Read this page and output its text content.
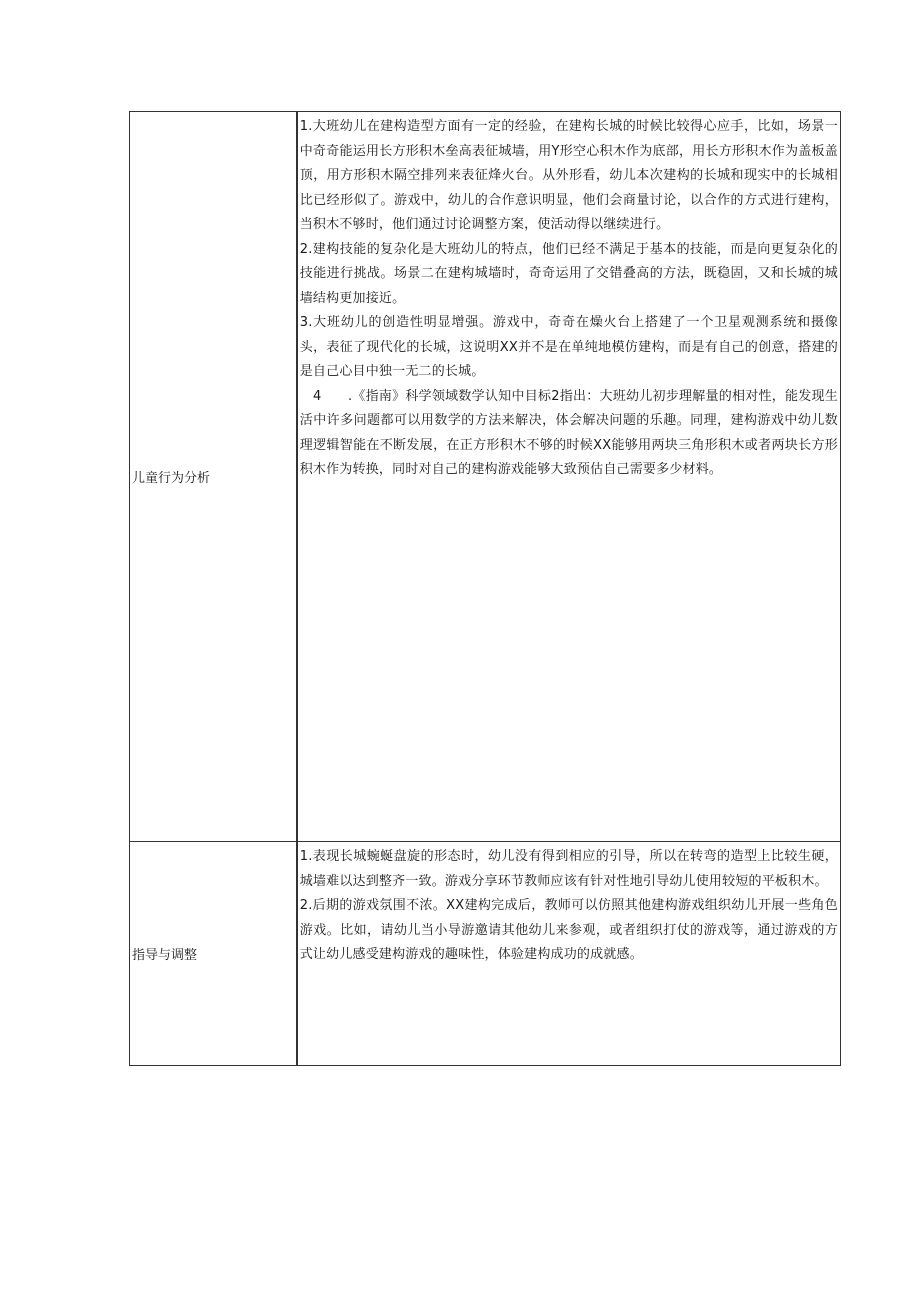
儿童行为分析	1.大班幼儿在建构造型方面有一定的经验，在建构长城的时候比较得心应手，比如，场景一中奇奇能运用长方形积木垒高表征城墙，用Y形空心积木作为底部，用长方形积木作为盖板盖顶，用方形积木隔空排列来表征烽火台。从外形看，幼儿本次建构的长城和现实中的长城相比已经形似了。游戏中，幼儿的合作意识明显，他们会商量讨论，以合作的方式进行建构，当积木不够时，他们通过讨论调整方案，使活动得以继续进行。

2.建构技能的复杂化是大班幼儿的特点，他们已经不满足于基本的技能，而是向更复杂化的技能进行挑战。场景二在建构城墙时，奇奇运用了交错叠高的方法，既稳固，又和长城的城墙结构更加接近。

3.大班幼儿的创造性明显增强。游戏中，奇奇在燥火台上搭建了一个卫星观测系统和摄像头，表征了现代化的长城，这说明XX并不是在单纯地模仿建构，而是有自己的创意，搭建的是自己心目中独一无二的长城。

　4　　.《指南》科学领域数学认知中目标2指出：大班幼儿初步理解量的相对性，能发现生活中许多问题都可以用数学的方法来解决，体会解决问题的乐趣。同理，建构游戏中幼儿数理逻辑智能在不断发展，在正方形积木不够的时候XX能够用两块三角形积木或者两块长方形积木作为转换，同时对自己的建构游戏能够大致预估自己需要多少材料。

指导与调整	1.表现长城蜿蜒盘旋的形态时，幼儿没有得到相应的引导，所以在转弯的造型上比较生硬，城墙难以达到整齐一致。游戏分享环节教师应该有针对性地引导幼儿使用较短的平板积木。

2.后期的游戏氛围不浓。XX建构完成后，教师可以仿照其他建构游戏组织幼儿开展一些角色游戏。比如，请幼儿当小导游邀请其他幼儿来参观，或者组织打仗的游戏等，通过游戏的方式让幼儿感受建构游戏的趣味性，体验建构成功的成就感。
